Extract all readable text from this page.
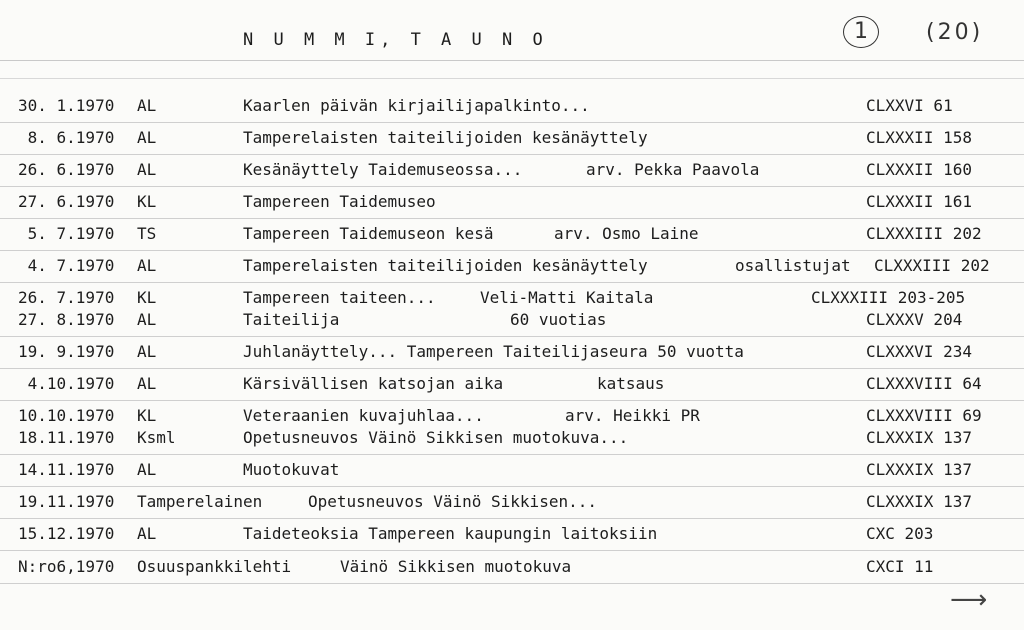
N U M M I, T A U N O	1	(20)
30. 1.1970 AL	Kaarlen päivän kirjailijapalkinto...	CLXXVI 61
8. 6.1970 AL	Tamperelaisten taiteilijoiden kesänäyttely	CLXXXII 158
26. 6.1970 AL	Kesänäyttely Taidemuseossa...	arv. Pekka Paavola	CLXXXII 160
27. 6.1970 KL	Tampereen Taidemuseo	CLXXXII 161
5. 7.1970 TS	Tampereen Taidemuseon kesä	arv. Osmo Laine	CLXXXIII 202
4. 7.1970 AL	Tamperelaisten taiteilijoiden kesänäyttely	osallistujat CLXXXIII 202
26. 7.1970 KL	Tampereen taiteen...	Veli-Matti Kaitala	CLXXXIII 203-205
27. 8.1970 AL	Taiteilija	60 vuotias	CLXXXV 204
19. 9.1970 AL	Juhlanäyttely... Tampereen Taiteilijaseura 50 vuotta	CLXXXVI 234
4.10.1970 AL	Kärsivällisen katsojan aika	katsaus	CLXXXVIII 64
10.10.1970 KL	Veteraanien kuvajuhlaa...	arv. Heikki PR	CLXXXVIII 69
18.11.1970 Ksml	Opetusneuvos Väinö Sikkisen muotokuva...	CLXXXIX 137
14.11.1970 AL	Muotokuvat	CLXXXIX 137
19.11.1970 Tamperelainen	Opetusneuvos Väinö Sikkisen...	CLXXXIX 137
15.12.1970 AL	Taideteoksia Tampereen kaupungin laitoksiin	CXC 203
N:ro6,1970 Osuuspankkilehti	Väinö Sikkisen muotokuva	CXCI 11
⟶
